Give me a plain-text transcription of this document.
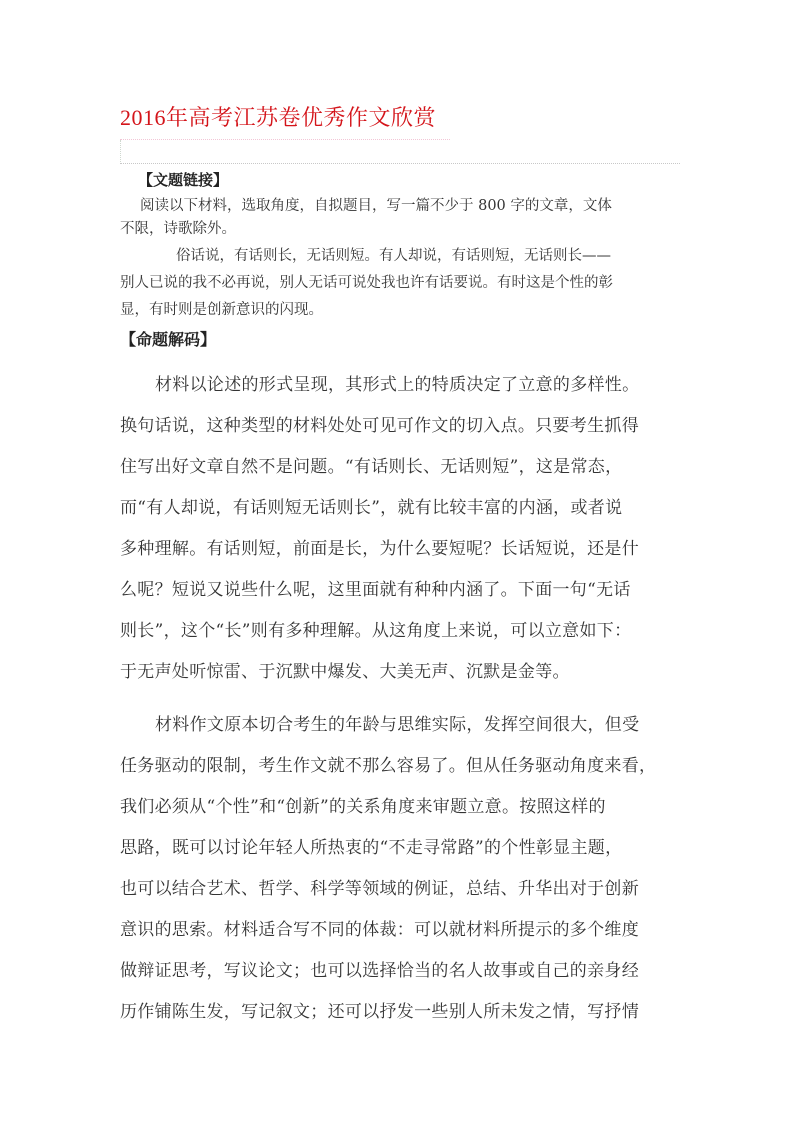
2016年高考江苏卷优秀作文欣赏
【文题链接】
阅读以下材料，选取角度，自拟题目，写一篇不少于 800 字的文章，文体
不限，诗歌除外。
俗话说，有话则长，无话则短。有人却说，有话则短，无话则长——
别人已说的我不必再说，别人无话可说处我也许有话要说。有时这是个性的彰
显，有时则是创新意识的闪现。
【命题解码】
材料以论述的形式呈现，其形式上的特质决定了立意的多样性。
换句话说，这种类型的材料处处可见可作文的切入点。只要考生抓得
住写出好文章自然不是问题。“有话则长、无话则短”，这是常态，
而“有人却说，有话则短无话则长”，就有比较丰富的内涵，或者说
多种理解。有话则短，前面是长，为什么要短呢？长话短说，还是什
么呢？短说又说些什么呢，这里面就有种种内涵了。下面一句“无话
则长”，这个“长”则有多种理解。从这角度上来说，可以立意如下：
于无声处听惊雷、于沉默中爆发、大美无声、沉默是金等。
材料作文原本切合考生的年龄与思维实际，发挥空间很大，但受
任务驱动的限制，考生作文就不那么容易了。但从任务驱动角度来看，
我们必须从“个性”和“创新”的关系角度来审题立意。按照这样的
思路，既可以讨论年轻人所热衷的“不走寻常路”的个性彰显主题，
也可以结合艺术、哲学、科学等领域的例证，总结、升华出对于创新
意识的思索。材料适合写不同的体裁：可以就材料所提示的多个维度
做辩证思考，写议论文；也可以选择恰当的名人故事或自己的亲身经
历作铺陈生发，写记叙文；还可以抒发一些别人所未发之情，写抒情
